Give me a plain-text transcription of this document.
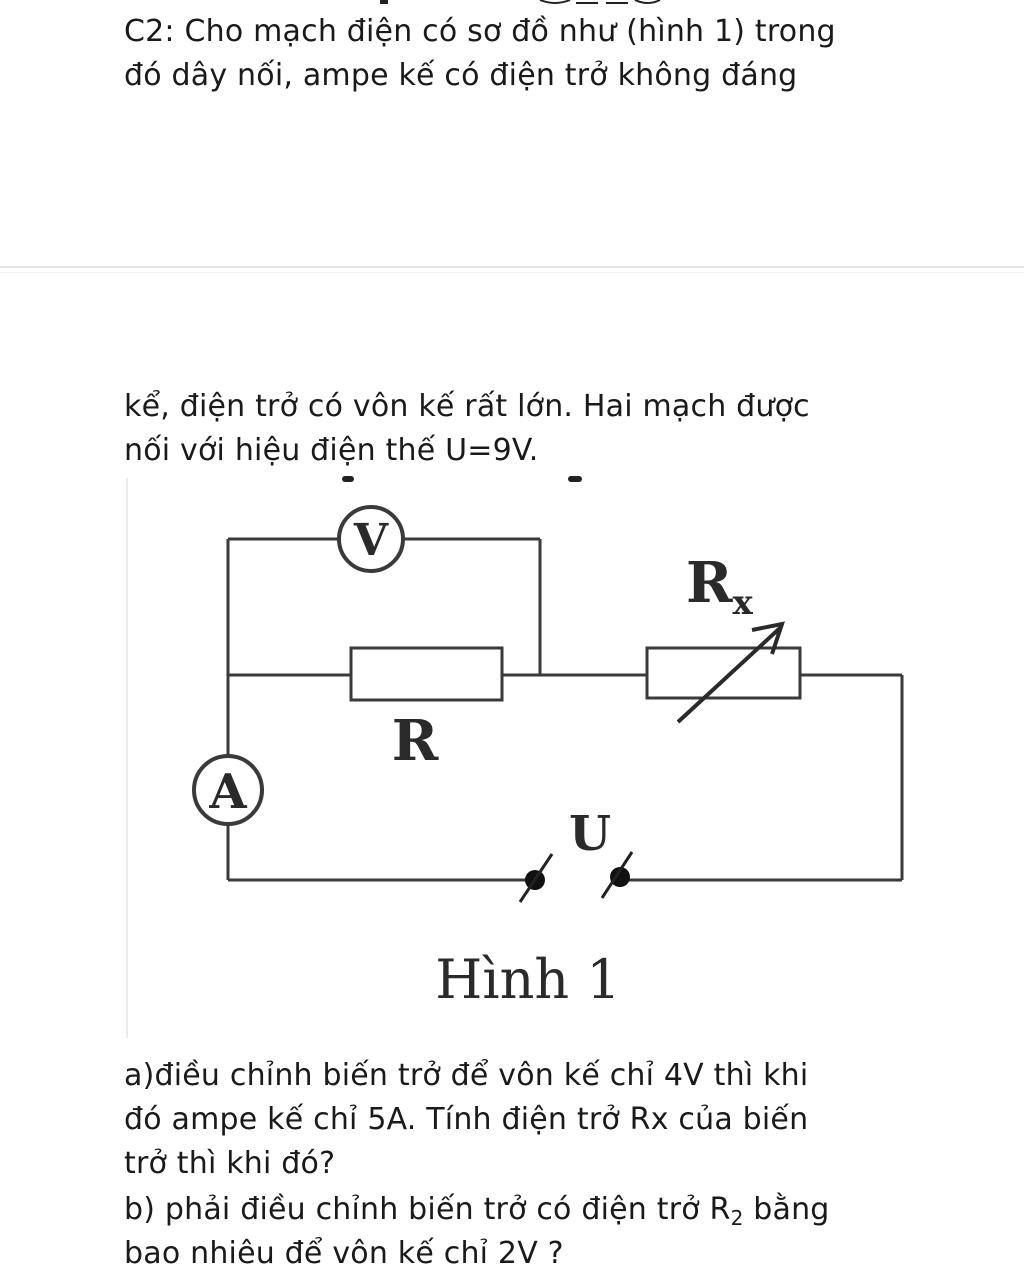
C2: Cho mạch điện có sơ đồ như (hình 1) trong

đó dây nối, ampe kế có điện trở không đáng

kể, điện trở có vôn kế rất lớn. Hai mạch được

nối với hiệu điện thế U=9V.

V
R
$R_x$
A
U
Hình 1

a)điều chỉnh biến trở để vôn kế chỉ 4V thì khi

đó ampe kế chỉ 5A. Tính điện trở Rx của biến

trở thì khi đó?

b) phải điều chỉnh biến trở có điện trở $R_2$ bằng

bao nhiêu để vôn kế chỉ 2V ?
